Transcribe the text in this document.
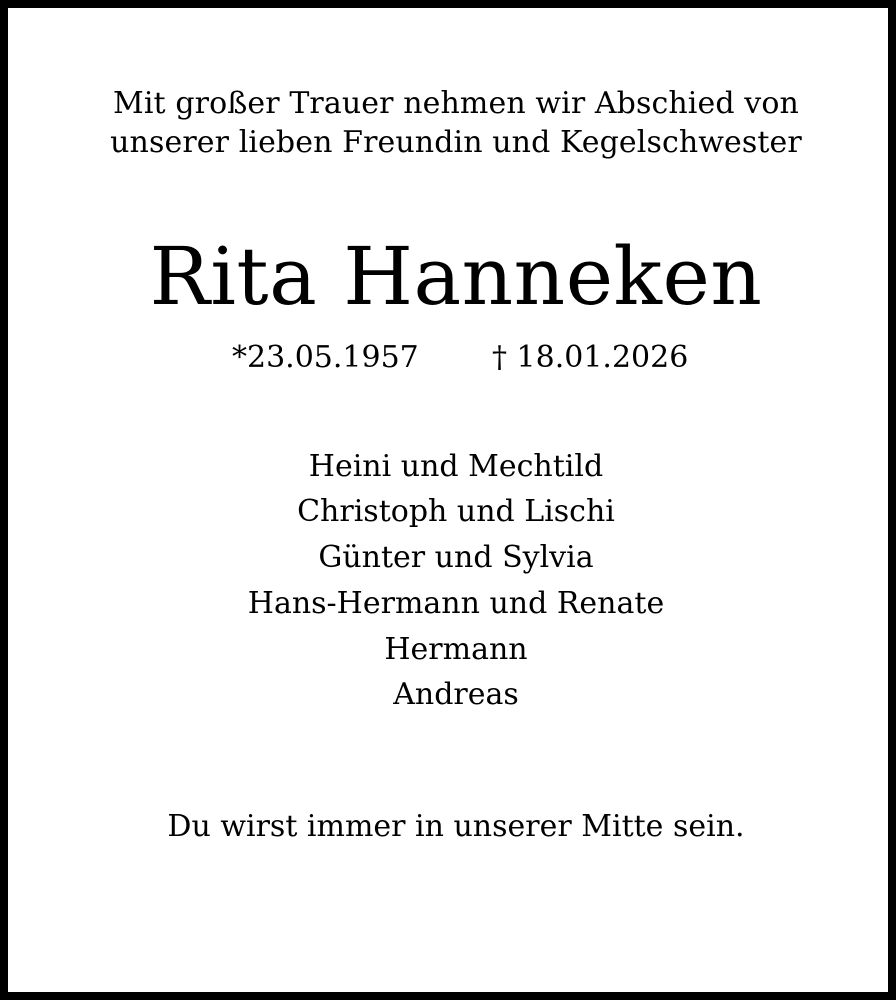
Mit großer Trauer nehmen wir Abschied von
unserer lieben Freundin und Kegelschwester
Rita Hanneken
*23.05.1957 † 18.01.2026
Heini und Mechtild
Christoph und Lischi
Günter und Sylvia
Hans-Hermann und Renate
Hermann
Andreas
Du wirst immer in unserer Mitte sein.
